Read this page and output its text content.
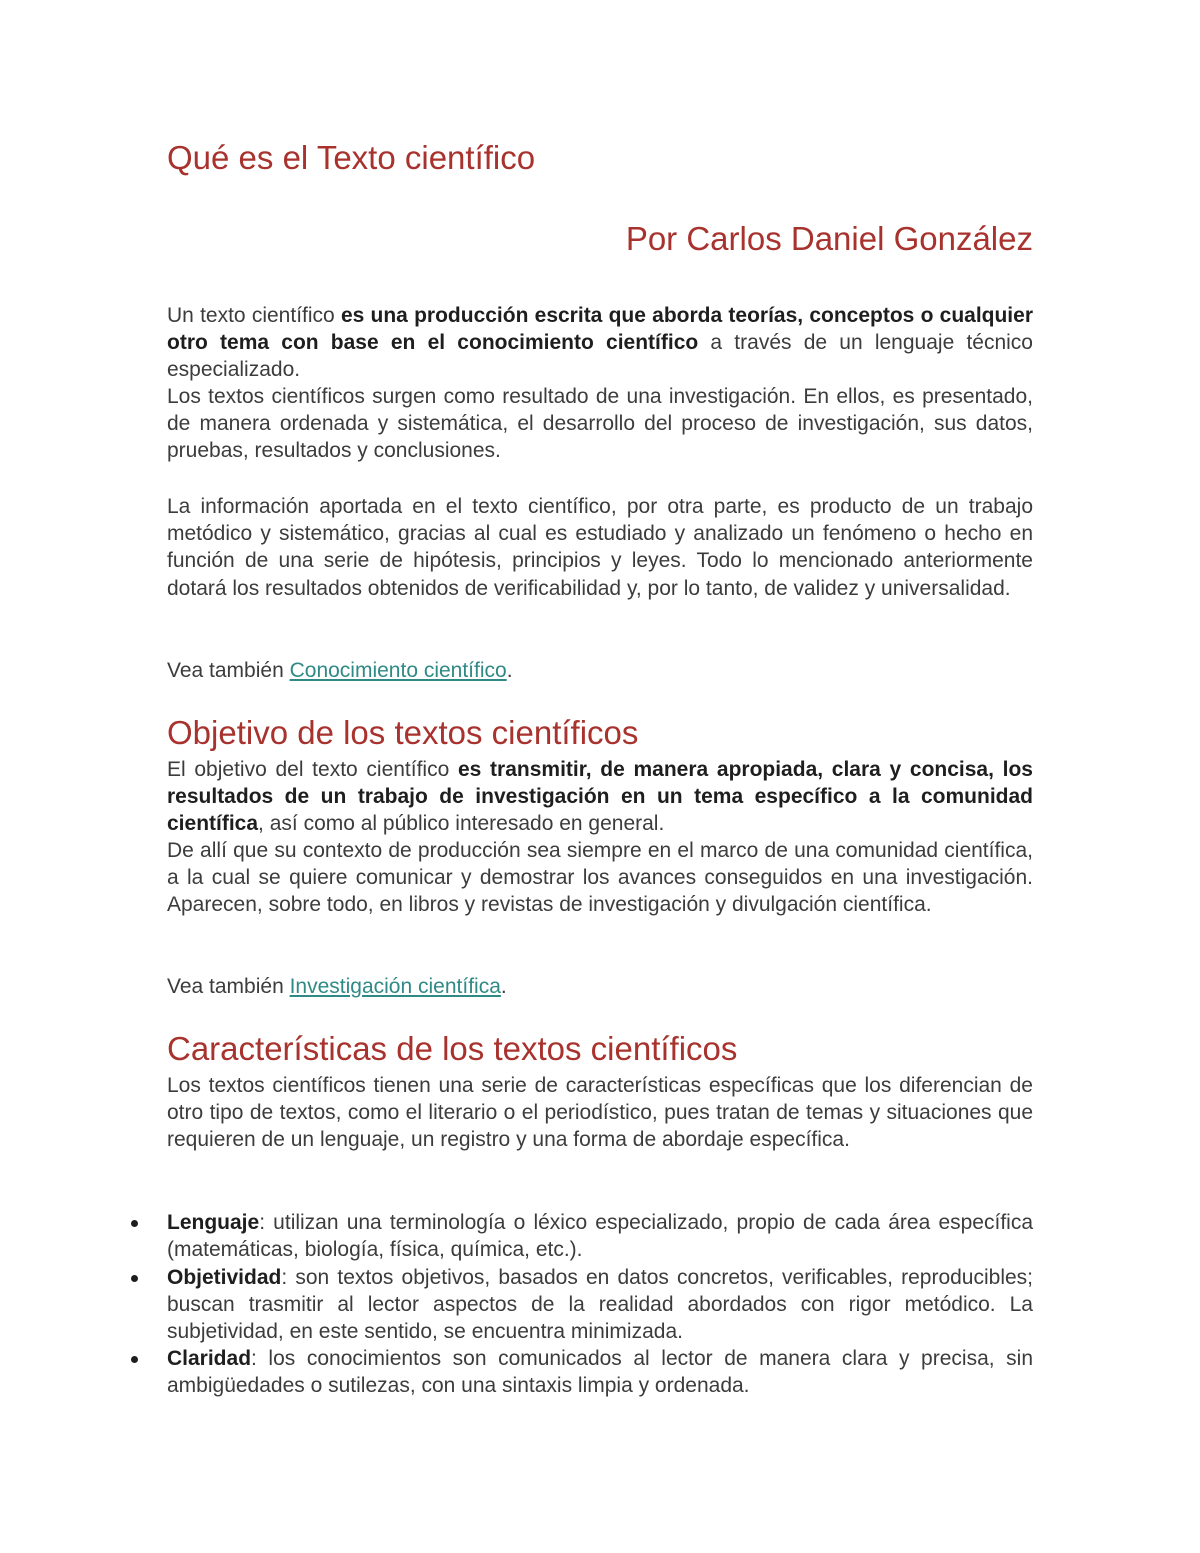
Qué es el Texto científico
Por Carlos Daniel González

Un texto científico es una producción escrita que aborda teorías, conceptos o cualquier otro tema con base en el conocimiento científico a través de un lenguaje técnico especializado.

Los textos científicos surgen como resultado de una investigación. En ellos, es presentado, de manera ordenada y sistemática, el desarrollo del proceso de investigación, sus datos, pruebas, resultados y conclusiones.

La información aportada en el texto científico, por otra parte, es producto de un trabajo metódico y sistemático, gracias al cual es estudiado y analizado un fenómeno o hecho en función de una serie de hipótesis, principios y leyes. Todo lo mencionado anteriormente dotará los resultados obtenidos de verificabilidad y, por lo tanto, de validez y universalidad.

Vea también Conocimiento científico.

Objetivo de los textos científicos

El objetivo del texto científico es transmitir, de manera apropiada, clara y concisa, los resultados de un trabajo de investigación en un tema específico a la comunidad científica, así como al público interesado en general.

De allí que su contexto de producción sea siempre en el marco de una comunidad científica, a la cual se quiere comunicar y demostrar los avances conseguidos en una investigación. Aparecen, sobre todo, en libros y revistas de investigación y divulgación científica.

Vea también Investigación científica.

Características de los textos científicos

Los textos científicos tienen una serie de características específicas que los diferencian de otro tipo de textos, como el literario o el periodístico, pues tratan de temas y situaciones que requieren de un lenguaje, un registro y una forma de abordaje específica.

Lenguaje: utilizan una terminología o léxico especializado, propio de cada área específica (matemáticas, biología, física, química, etc.).
Objetividad: son textos objetivos, basados en datos concretos, verificables, reproducibles; buscan trasmitir al lector aspectos de la realidad abordados con rigor metódico. La subjetividad, en este sentido, se encuentra minimizada.
Claridad: los conocimientos son comunicados al lector de manera clara y precisa, sin ambigüedades o sutilezas, con una sintaxis limpia y ordenada.
